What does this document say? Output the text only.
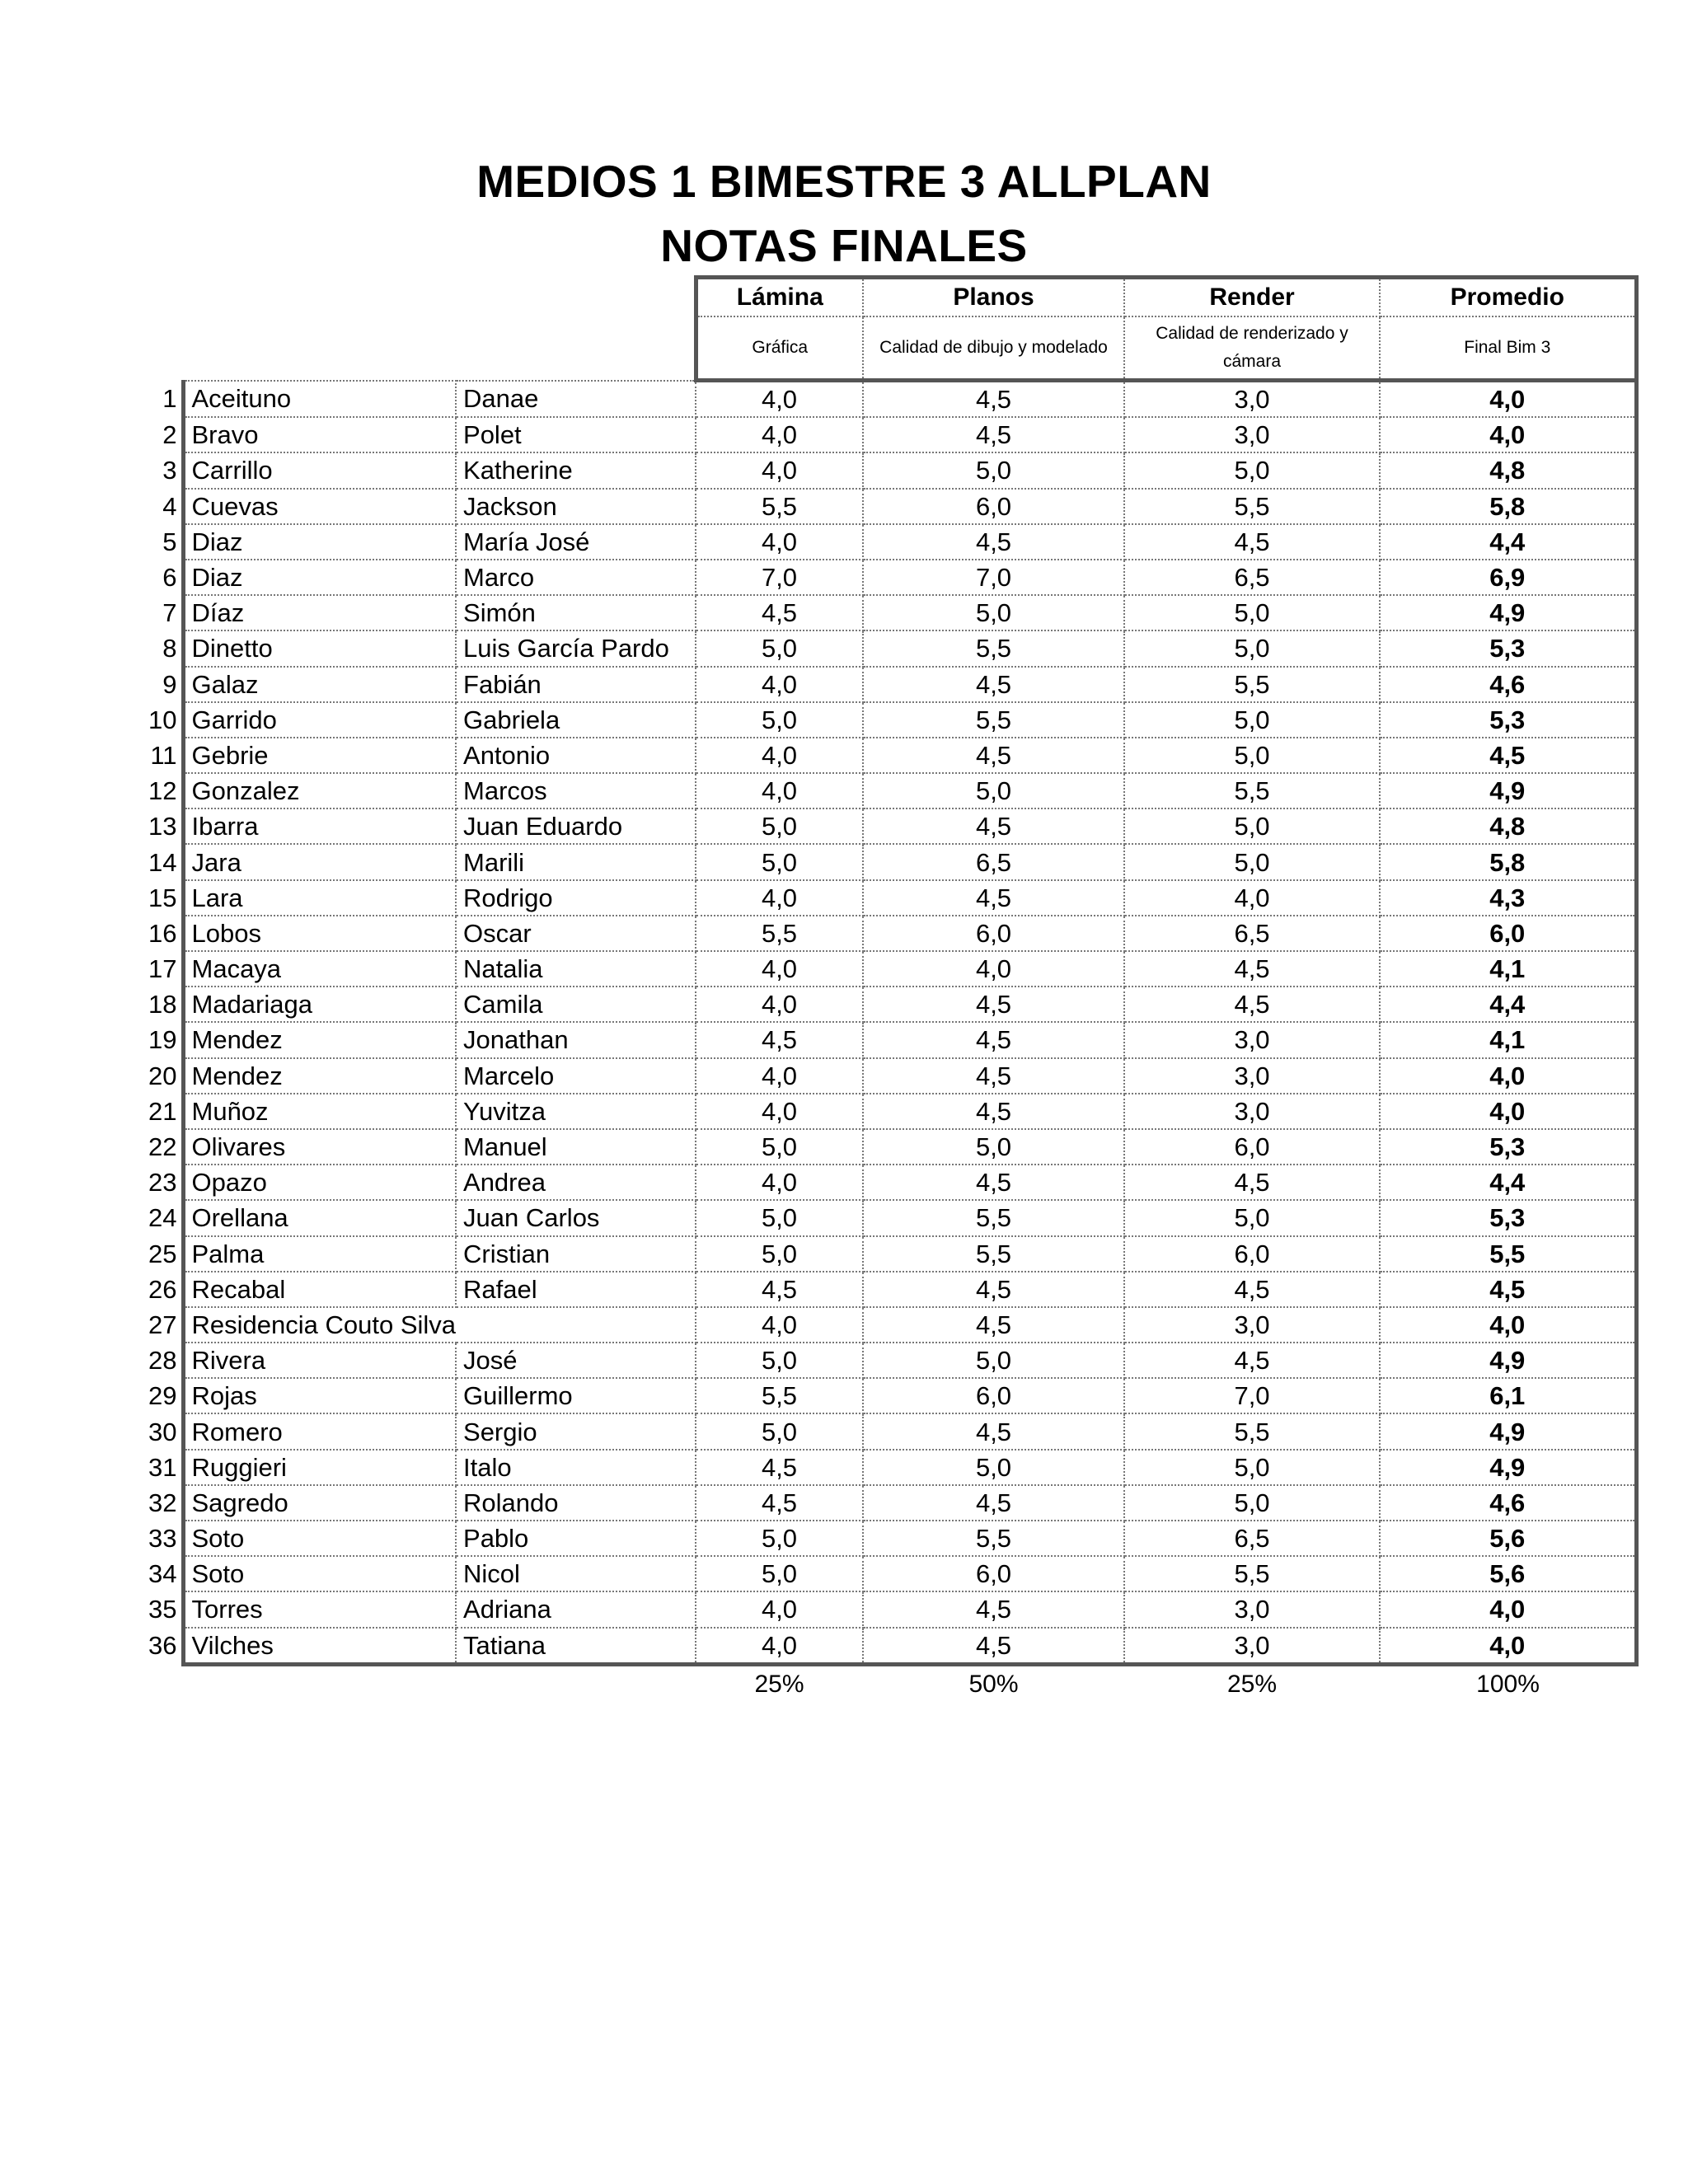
MEDIOS 1 BIMESTRE 3 ALLPLAN
NOTAS FINALES
			Lámina	Planos	Render	Promedio
			Gráfica	Calidad de dibujo y modelado	Calidad de renderizado y cámara	Final Bim 3
1	Aceituno	Danae	4,0	4,5	3,0	4,0
2	Bravo	Polet	4,0	4,5	3,0	4,0
3	Carrillo	Katherine	4,0	5,0	5,0	4,8
4	Cuevas	Jackson	5,5	6,0	5,5	5,8
5	Diaz	María José	4,0	4,5	4,5	4,4
6	Diaz	Marco	7,0	7,0	6,5	6,9
7	Díaz	Simón	4,5	5,0	5,0	4,9
8	Dinetto	Luis García Pardo	5,0	5,5	5,0	5,3
9	Galaz	Fabián	4,0	4,5	5,5	4,6
10	Garrido	Gabriela	5,0	5,5	5,0	5,3
11	Gebrie	Antonio	4,0	4,5	5,0	4,5
12	Gonzalez	Marcos	4,0	5,0	5,5	4,9
13	Ibarra	Juan Eduardo	5,0	4,5	5,0	4,8
14	Jara	Marili	5,0	6,5	5,0	5,8
15	Lara	Rodrigo	4,0	4,5	4,0	4,3
16	Lobos	Oscar	5,5	6,0	6,5	6,0
17	Macaya	Natalia	4,0	4,0	4,5	4,1
18	Madariaga	Camila	4,0	4,5	4,5	4,4
19	Mendez	Jonathan	4,5	4,5	3,0	4,1
20	Mendez	Marcelo	4,0	4,5	3,0	4,0
21	Muñoz	Yuvitza	4,0	4,5	3,0	4,0
22	Olivares	Manuel	5,0	5,0	6,0	5,3
23	Opazo	Andrea	4,0	4,5	4,5	4,4
24	Orellana	Juan Carlos	5,0	5,5	5,0	5,3
25	Palma	Cristian	5,0	5,5	6,0	5,5
26	Recabal	Rafael	4,5	4,5	4,5	4,5
27	Residencia Couto Silva		4,0	4,5	3,0	4,0
28	Rivera	José	5,0	5,0	4,5	4,9
29	Rojas	Guillermo	5,5	6,0	7,0	6,1
30	Romero	Sergio	5,0	4,5	5,5	4,9
31	Ruggieri	Italo	4,5	5,0	5,0	4,9
32	Sagredo	Rolando	4,5	4,5	5,0	4,6
33	Soto	Pablo	5,0	5,5	6,5	5,6
34	Soto	Nicol	5,0	6,0	5,5	5,6
35	Torres	Adriana	4,0	4,5	3,0	4,0
36	Vilches	Tatiana	4,0	4,5	3,0	4,0
			25%	50%	25%	100%
